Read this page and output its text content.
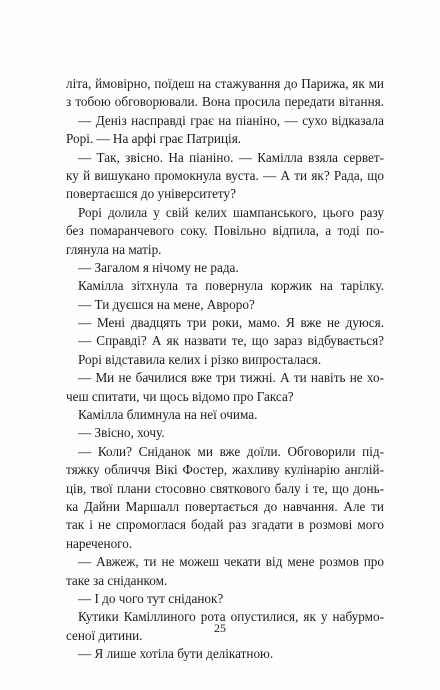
літа, ймовірно, поїдеш на стажування до Парижа, як ми
з тобою обговорювали. Вона просила передати вітання.
— Деніз насправді грає на піаніно, — сухо відказала
Рорі. — На арфі грає Патриція.
— Так, звісно. На піаніно. — Камілла взяла сервет-
ку й вишукано промокнула вуста. — А ти як? Рада, що
повертаєшся до університету?
Рорі долила у свій келих шампанського, цього разу
без помаранчевого соку. Повільно відпила, а тоді по-
глянула на матір.
— Загалом я нічому не рада.
Камілла зітхнула та повернула коржик на тарілку.
— Ти дуєшся на мене, Авроро?
— Мені двадцять три роки, мамо. Я вже не дуюся.
— Справді? А як назвати те, що зараз відбувається?
Рорі відставила келих і різко випросталася.
— Ми не бачилися вже три тижні. А ти навіть не хо-
чеш спитати, чи щось відомо про Гакса?
Камілла блимнула на неї очима.
— Звісно, хочу.
— Коли? Сніданок ми вже доїли. Обговорили під-
тяжку обличчя Вікі Фостер, жахливу кулінарію англій-
ців, твої плани стосовно святкового балу і те, що донь-
ка Дайни Маршалл повертається до навчання. Але ти
так і не спромоглася бодай раз згадати в розмові мого
нареченого.
— Авжеж, ти не можеш чекати від мене розмов про
таке за сніданком.
— І до чого тут сніданок?
Кутики Каміллиного рота опустилися, як у набурмо-
сеної дитини.
— Я лише хотіла бути делікатною.
25
